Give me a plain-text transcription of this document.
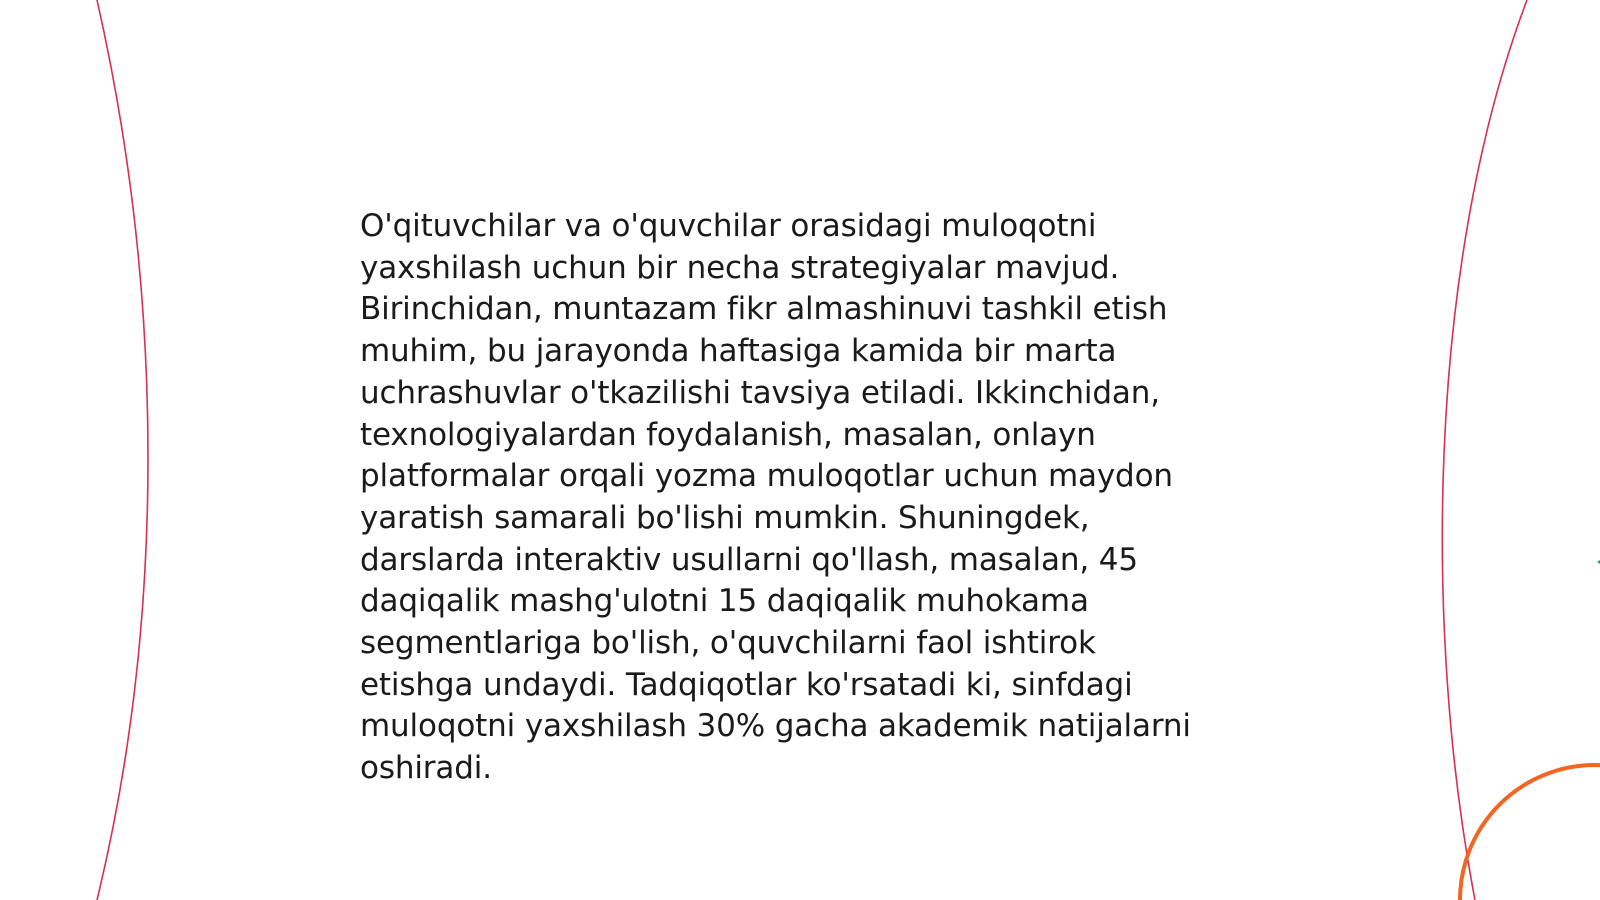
O'qituvchilar va o'quvchilar orasidagi muloqotni
yaxshilash uchun bir necha strategiyalar mavjud.
Birinchidan, muntazam fikr almashinuvi tashkil etish
muhim, bu jarayonda haftasiga kamida bir marta
uchrashuvlar o'tkazilishi tavsiya etiladi. Ikkinchidan,
texnologiyalardan foydalanish, masalan, onlayn
platformalar orqali yozma muloqotlar uchun maydon
yaratish samarali bo'lishi mumkin. Shuningdek,
darslarda interaktiv usullarni qo'llash, masalan, 45
daqiqalik mashg'ulotni 15 daqiqalik muhokama
segmentlariga bo'lish, o'quvchilarni faol ishtirok
etishga undaydi. Tadqiqotlar ko'rsatadi ki, sinfdagi
muloqotni yaxshilash 30% gacha akademik natijalarni
oshiradi.
